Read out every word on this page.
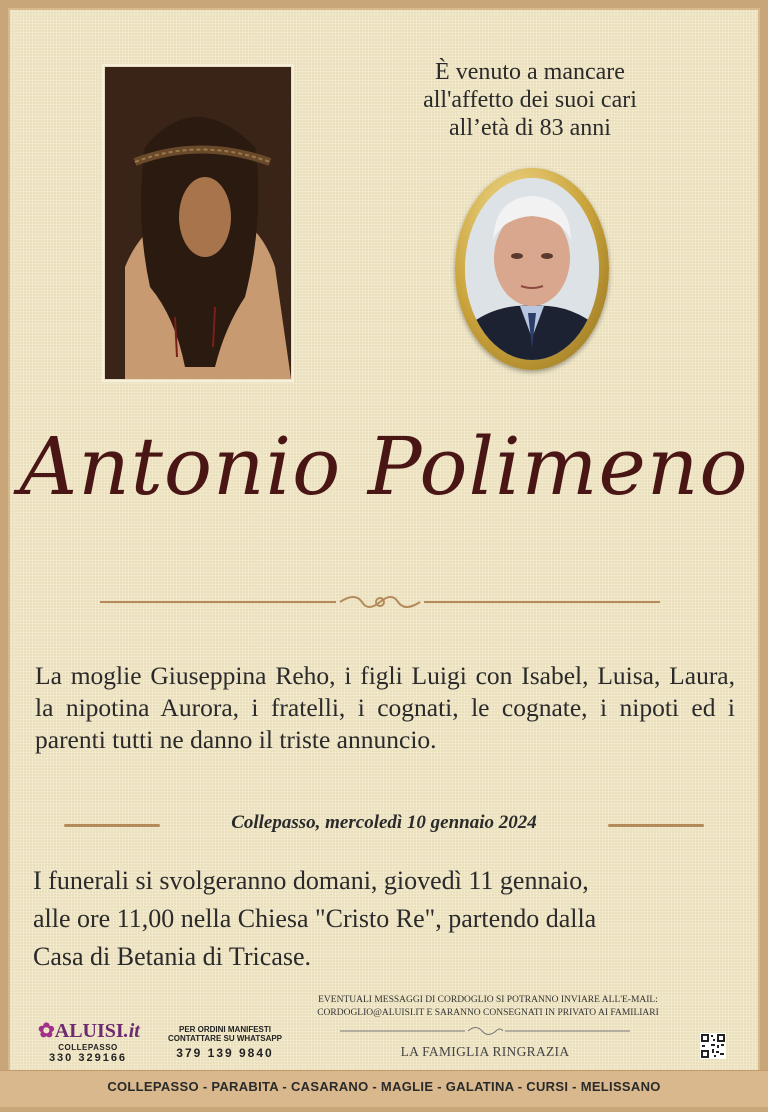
È venuto a mancare
all'affetto dei suoi cari
all’età di 83 anni
Antonio Polimeno
La moglie Giuseppina Reho, i figli Luigi con Isabel, Luisa, Laura, la nipotina Aurora, i fratelli, i cognati, le cognate, i nipoti ed i parenti tutti ne danno il triste annuncio.
Collepasso, mercoledì 10 gennaio 2024
I funerali si svolgeranno domani, giovedì 11 gennaio,
alle ore 11,00 nella Chiesa "Cristo Re", partendo dalla
Casa di Betania di Tricase.
✿ALUISI.it
COLLEPASSO
330 329166
PER ORDINI MANIFESTI
CONTATTARE SU WHATSAPP
379 139 9840
EVENTUALI MESSAGGI DI CORDOGLIO SI POTRANNO INVIARE ALL'E-MAIL:
CORDOGLIO@ALUISI.IT E SARANNO CONSEGNATI IN PRIVATO AI FAMILIARI
LA FAMIGLIA RINGRAZIA
COLLEPASSO - PARABITA - CASARANO - MAGLIE - GALATINA - CURSI - MELISSANO
